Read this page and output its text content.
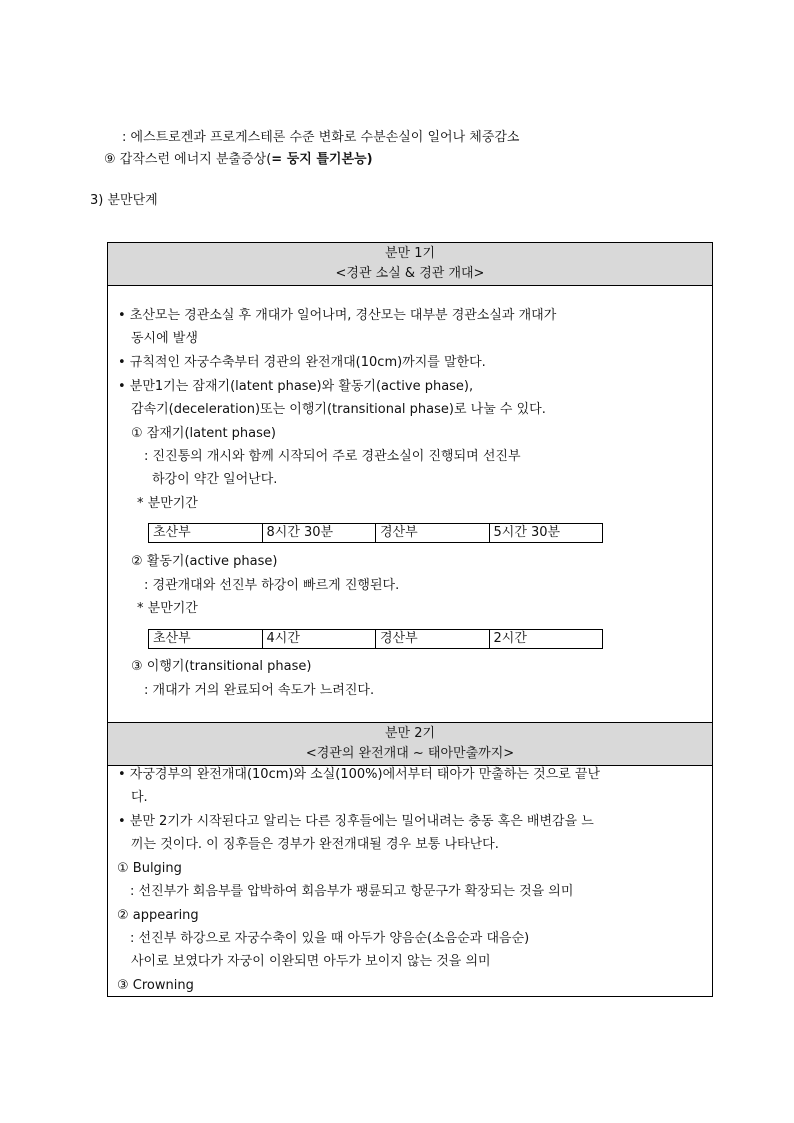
: 에스트로겐과 프로게스테론 수준 변화로 수분손실이 일어나 체중감소
⑨ 갑작스런 에너지 분출증상(= 둥지 틀기본능)
3) 분만단계
분만 1기
<경관 소실 & 경관 개대>
• 초산모는 경관소실 후 개대가 일어나며, 경산모는 대부분 경관소실과 개대가
동시에 발생
• 규칙적인 자궁수축부터 경관의 완전개대(10cm)까지를 말한다.
• 분만1기는 잠재기(latent phase)와 활동기(active phase),
감속기(deceleration)또는 이행기(transitional phase)로 나눌 수 있다.
① 잠재기(latent phase)
: 진진통의 개시와 함께 시작되어 주로 경관소실이 진행되며 선진부
하강이 약간 일어난다.
* 분만기간
초산부	8시간 30분	경산부	5시간 30분
② 활동기(active phase)
: 경관개대와 선진부 하강이 빠르게 진행된다.
* 분만기간
초산부	4시간	경산부	2시간
③ 이행기(transitional phase)
: 개대가 거의 완료되어 속도가 느려진다.
분만 2기
<경관의 완전개대 ~ 태아만출까지>
• 자궁경부의 완전개대(10cm)와 소실(100%)에서부터 태아가 만출하는 것으로 끝난
다.
• 분만 2기가 시작된다고 알리는 다른 징후들에는 밀어내려는 충동 혹은 배변감을 느
끼는 것이다. 이 징후들은 경부가 완전개대될 경우 보통 나타난다.
① Bulging
: 선진부가 회음부를 압박하여 회음부가 팽륜되고 항문구가 확장되는 것을 의미
② appearing
: 선진부 하강으로 자궁수축이 있을 때 아두가 양음순(소음순과 대음순)
사이로 보였다가 자궁이 이완되면 아두가 보이지 않는 것을 의미
③ Crowning
